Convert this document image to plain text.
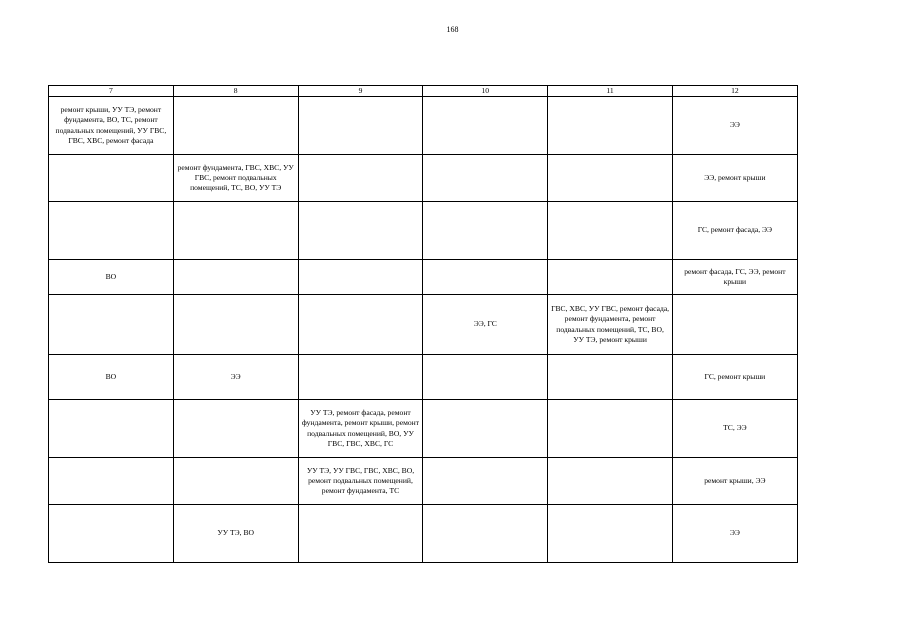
168
7	8	9	10	11	12

ремонт крыши, УУ ТЭ, ремонт фундамента, ВО, ТС, ремонт подвальных помещений, УУ ГВС, ГВС, ХВС, ремонт фасада					ЭЭ

	ремонт фундамента, ГВС, ХВС, УУ ГВС, ремонт подвальных помещений, ТС, ВО, УУ ТЭ				ЭЭ, ремонт крыши

					ГС, ремонт фасада, ЭЭ

ВО					ремонт фасада, ГС, ЭЭ, ремонт крыши

			ЭЭ, ГС	ГВС, ХВС, УУ ГВС, ремонт фасада, ремонт фундамента, ремонт подвальных помещений, ТС, ВО, УУ ТЭ, ремонт крыши	

ВО	ЭЭ				ГС, ремонт крыши

		УУ ТЭ, ремонт фасада, ремонт фундамента, ремонт крыши, ремонт подвальных помещений, ВО, УУ ГВС, ГВС, ХВС, ГС			ТС, ЭЭ

		УУ ТЭ, УУ ГВС, ГВС, ХВС, ВО, ремонт подвальных помещений, ремонт фундамента, ТС			ремонт крыши, ЭЭ

	УУ ТЭ, ВО				ЭЭ
